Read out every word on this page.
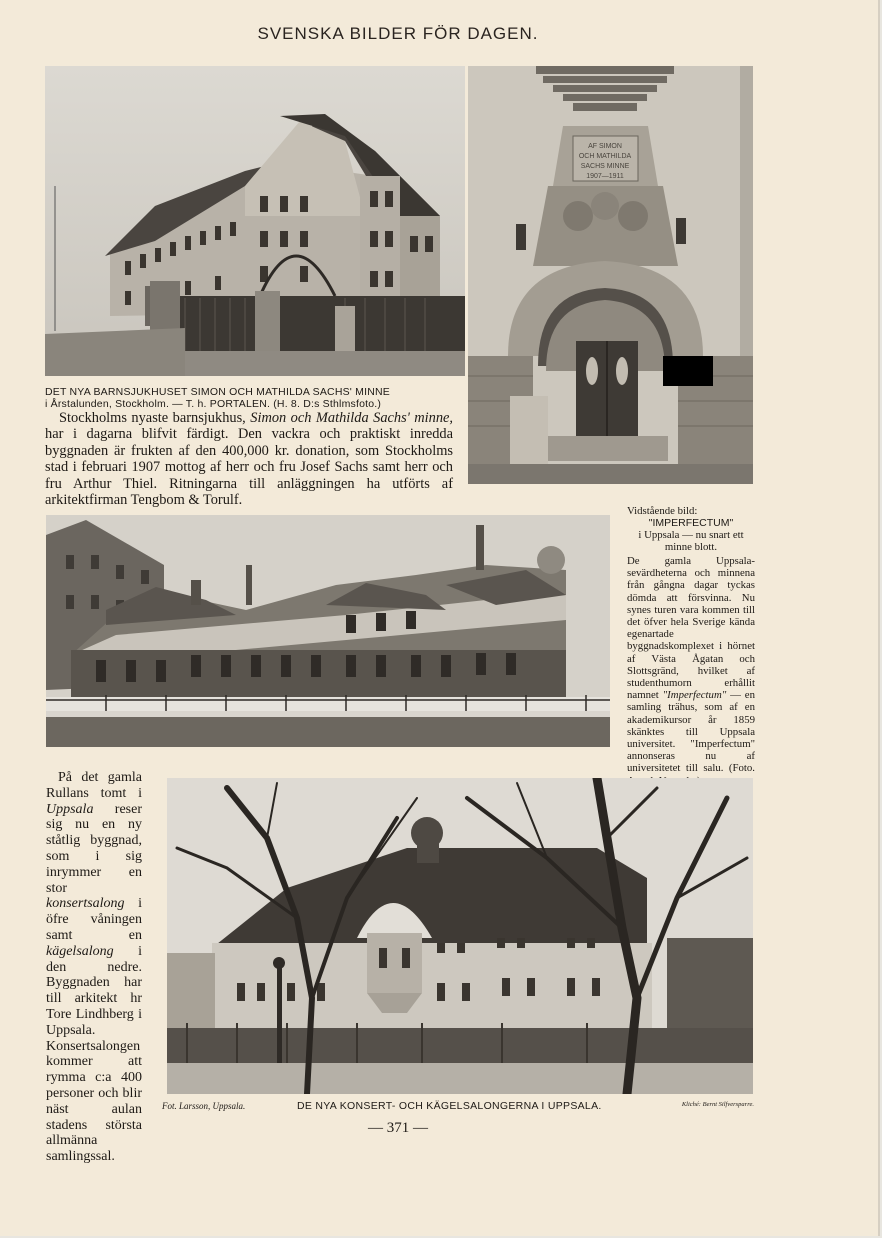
SVENSKA BILDER FÖR DAGEN.
AF SIMON
OCH MATHILDA
SACHS MINNE
1907—1911
DET NYA BARNSJUKHUSET SIMON OCH MATHILDA SACHS' MINNE
i Årstalunden, Stockholm. — T. h. PORTALEN. (H. 8. D:s Sthlmsfoto.)
Stockholms nyaste barnsjukhus, Simon och Mathilda Sachs' minne, har i dagarna blifvit färdigt. Den vackra och praktiskt inredda byggnaden är frukten af den 400,000 kr. donation, som Stockholms stad i februari 1907 mottog af herr och fru Josef Sachs samt herr och fru Arthur Thiel. Ritningarna till anläggningen ha utförts af arkitektfirman Tengbom & Torulf.
Vidstående bild:
"IMPERFECTUM"
i Uppsala — nu snart ett minne blott.
De gamla Uppsala-sevärdheterna och minnena från gångna dagar tyckas dömda att försvinna. Nu synes turen vara kommen till det öfver hela Sverige kända egenartade byggnadskomplexet i hörnet af Västa Ågatan och Slottsgränd, hvilket af studenthumorn erhållit namnet "Imperfectum" — en samling trähus, som af en akademikursor år 1859 skänktes till Uppsala universitet. "Imperfectum" annonseras nu af universitetet till salu. (Foto.
På det gamla Rullans tomt i Uppsala reser sig nu en ny ståtlig byggnad, som i sig inrymmer en stor konsertsalong i öfre våningen samt en kägelsalong i den nedre. Byggnaden har till arkitekt hr Tore Lindhberg i Uppsala. Konsertsalongen kommer att rymma c:a 400 personer och blir näst aulan stadens största allmänna samlingssal.
Fot. Larsson, Uppsala.	DE NYA KONSERT- OCH KÄGELSALONGERNA I UPPSALA.	Kliché: Bernt Silfversparre.
— 371 —
